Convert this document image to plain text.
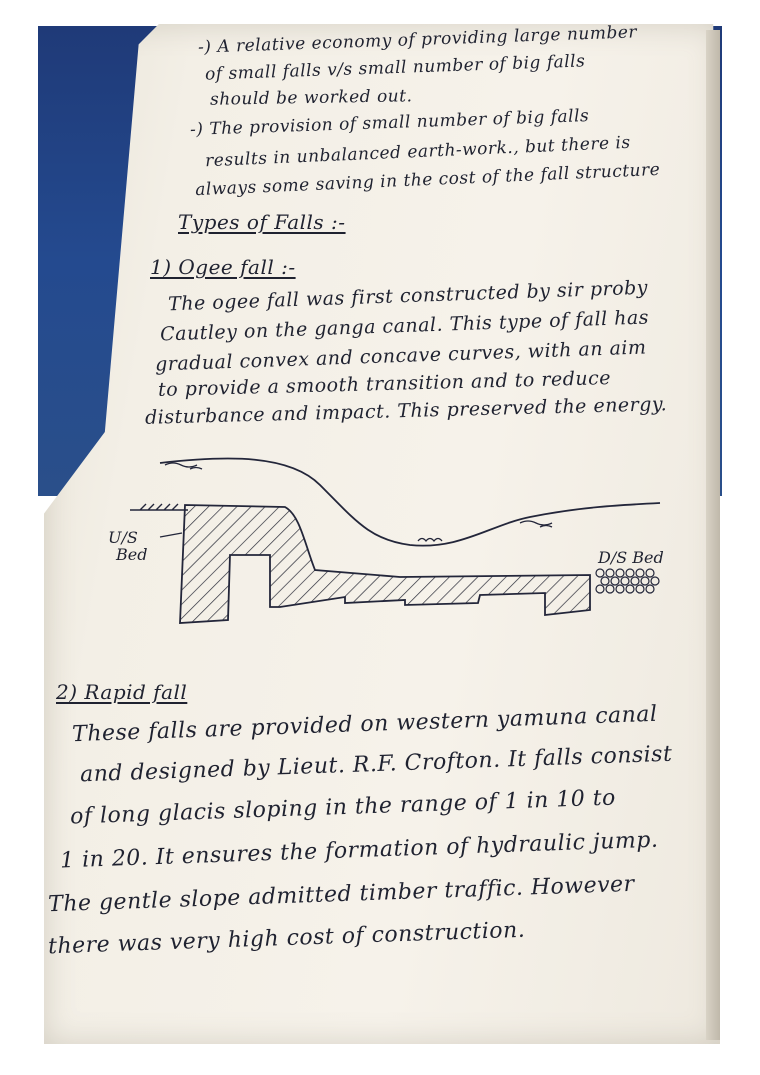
-) A relative economy of providing large number
of small falls v/s small number of big falls
should be worked out.
-) The provision of small number of big falls
results in unbalanced earth-work., but there is
always some saving in the cost of the fall structure
Types of Falls :-
1) Ogee fall :-
The ogee fall was first constructed by sir proby
Cautley on the ganga canal. This type of fall has
gradual convex and concave curves, with an aim
to provide a smooth transition and to reduce
disturbance and impact. This preserved the energy.
U/S
Bed	D/S Bed
2) Rapid fall
These falls are provided on western yamuna canal
and designed by Lieut. R.F. Crofton. It falls consist
of long glacis sloping in the range of 1 in 10 to
1 in 20. It ensures the formation of hydraulic jump.
The gentle slope admitted timber traffic. However
there was very high cost of construction.
